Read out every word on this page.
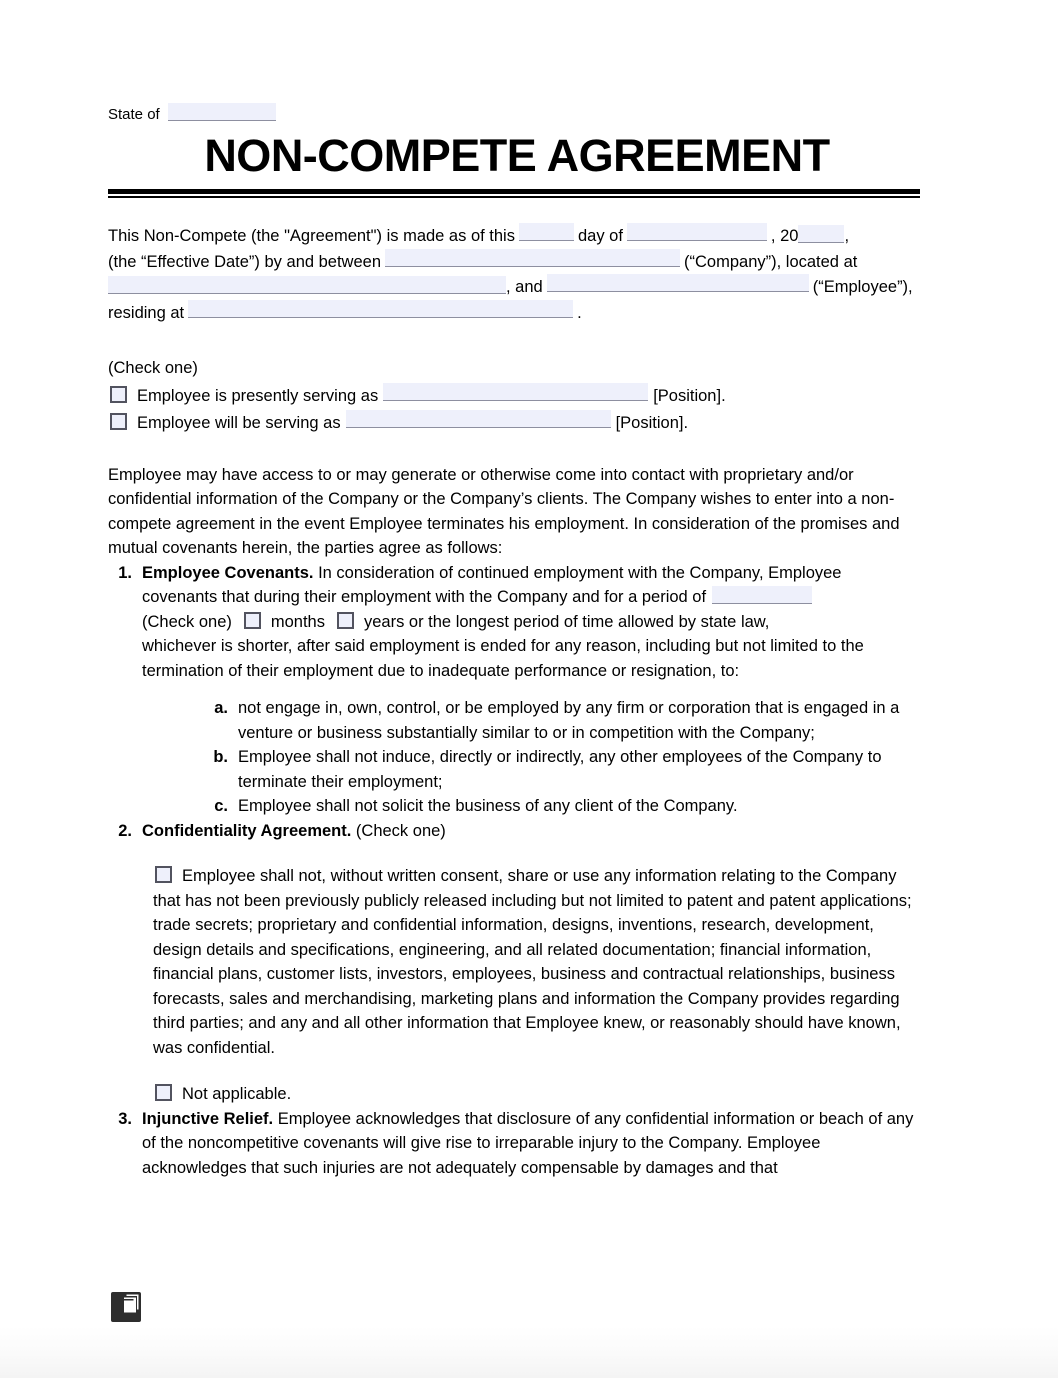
State of
NON-COMPETE AGREEMENT
This Non-Compete (the "Agreement") is made as of this	day of	, 20	,
(the “Effective Date”) by and between	(“Company”), located at
, and	(“Employee”),
residing at	.
(Check one)
Employee is presently serving as	[Position].
Employee will be serving as	[Position].
Employee may have access to or may generate or otherwise come into contact with proprietary and/or confidential information of the Company or the Company’s clients. The Company wishes to enter into a non-compete agreement in the event Employee terminates his employment. In consideration of the promises and mutual covenants herein, the parties agree as follows:
1. Employee Covenants. In consideration of continued employment with the Company, Employee covenants that during their employment with the Company and for a period of
(Check one) months years or the longest period of time allowed by state law,
whichever is shorter, after said employment is ended for any reason, including but not limited to the termination of their employment due to inadequate performance or resignation, to:
a. not engage in, own, control, or be employed by any firm or corporation that is engaged in a venture or business substantially similar to or in competition with the Company;
b. Employee shall not induce, directly or indirectly, any other employees of the Company to terminate their employment;
c. Employee shall not solicit the business of any client of the Company.
2. Confidentiality Agreement. (Check one)
Employee shall not, without written consent, share or use any information relating to the Company that has not been previously publicly released including but not limited to patent and patent applications; trade secrets; proprietary and confidential information, designs, inventions, research, development, design details and specifications, engineering, and all related documentation; financial information, financial plans, customer lists, investors, employees, business and contractual relationships, business forecasts, sales and merchandising, marketing plans and information the Company provides regarding third parties; and any and all other information that Employee knew, or reasonably should have known, was confidential.
Not applicable.
3. Injunctive Relief. Employee acknowledges that disclosure of any confidential information or beach of any of the noncompetitive covenants will give rise to irreparable injury to the Company. Employee acknowledges that such injuries are not adequately compensable by damages and that
